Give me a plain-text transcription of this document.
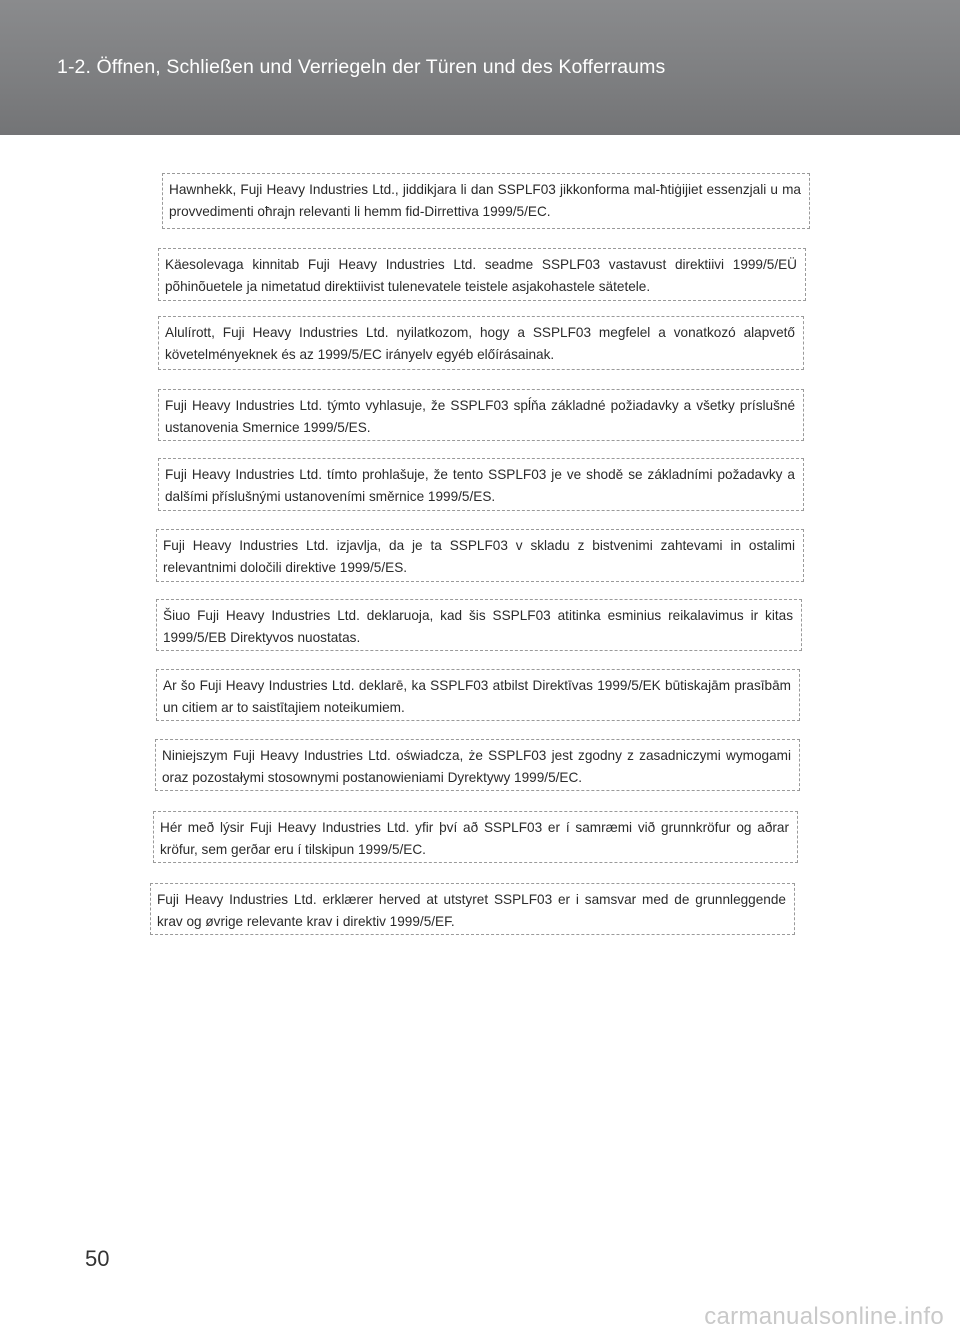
1-2. Öffnen, Schließen und Verriegeln der Türen und des Kofferraums
Hawnhekk, Fuji Heavy Industries Ltd., jiddikjara li dan SSPLF03 jikkonforma mal-ħtiġijiet essenzjali u ma provvedimenti oħrajn relevanti li hemm fid-Dirrettiva 1999/5/EC.
Käesolevaga kinnitab Fuji Heavy Industries Ltd. seadme SSPLF03 vastavust direktiivi 1999/5/EÜ põhinõuetele ja nimetatud direktiivist tulenevatele teistele asjakohastele sätetele.
Alulírott, Fuji Heavy Industries Ltd. nyilatkozom, hogy a SSPLF03 megfelel a vonatkozó alapvető követelményeknek és az 1999/5/EC irányelv egyéb előírásainak.
Fuji Heavy Industries Ltd. týmto vyhlasuje, že SSPLF03 spĺňa základné požiadavky a všetky príslušné ustanovenia Smernice 1999/5/ES.
Fuji Heavy Industries Ltd. tímto prohlašuje, že tento SSPLF03 je ve shodě se základními požadavky a dalšími příslušnými ustanoveními směrnice 1999/5/ES.
Fuji Heavy Industries Ltd. izjavlja, da je ta SSPLF03 v skladu z bistvenimi zahtevami in ostalimi relevantnimi določili direktive 1999/5/ES.
Šiuo Fuji Heavy Industries Ltd. deklaruoja, kad šis SSPLF03 atitinka esminius reikalavimus ir kitas 1999/5/EB Direktyvos nuostatas.
Ar šo Fuji Heavy Industries Ltd. deklarē, ka SSPLF03 atbilst Direktīvas 1999/5/EK būtiskajām prasībām un citiem ar to saistītajiem noteikumiem.
Niniejszym Fuji Heavy Industries Ltd. oświadcza, że SSPLF03 jest zgodny z zasadniczymi wymogami oraz pozostałymi stosownymi postanowieniami Dyrektywy 1999/5/EC.
Hér með lýsir Fuji Heavy Industries Ltd. yfir því að SSPLF03 er í samræmi við grunnkröfur og aðrar kröfur, sem gerðar eru í tilskipun 1999/5/EC.
Fuji Heavy Industries Ltd. erklærer herved at utstyret SSPLF03 er i samsvar med de grunnleggende krav og øvrige relevante krav i direktiv 1999/5/EF.
50
carmanualsonline.info
